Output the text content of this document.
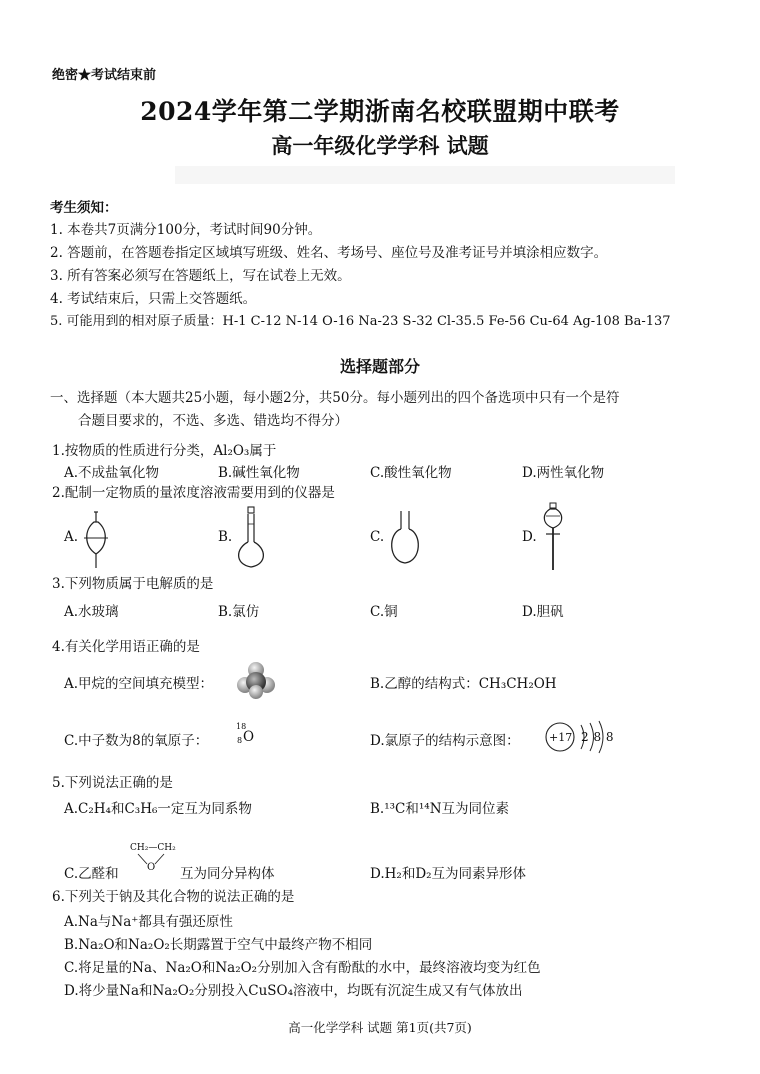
绝密★考试结束前
2024学年第二学期浙南名校联盟期中联考
高一年级化学学科 试题
考生须知：
1. 本卷共7页满分100分，考试时间90分钟。
2. 答题前，在答题卷指定区域填写班级、姓名、考场号、座位号及准考证号并填涂相应数字。
3. 所有答案必须写在答题纸上，写在试卷上无效。
4. 考试结束后，只需上交答题纸。
5. 可能用到的相对原子质量：H-1 C-12 N-14 O-16 Na-23 S-32 Cl-35.5 Fe-56 Cu-64 Ag-108 Ba-137
选择题部分
一、选择题（本大题共25小题，每小题2分，共50分。每小题列出的四个备选项中只有一个是符
合题目要求的，不选、多选、错选均不得分）
1.按物质的性质进行分类，Al₂O₃属于
A.不成盐氧化物	B.碱性氧化物	C.酸性氧化物	D.两性氧化物
2.配制一定物质的量浓度溶液需要用到的仪器是
A.	B.	C.	D.
3.下列物质属于电解质的是
A.水玻璃	B.氯仿	C.铜	D.胆矾
4.有关化学用语正确的是
A.甲烷的空间填充模型：	B.乙醇的结构式：CH₃CH₂OH
C.中子数为8的氧原子：
18
8 O	D.氯原子的结构示意图：	+17 2 8 8
5.下列说法正确的是
A.C₂H₄和C₃H₆一定互为同系物	B.¹³C和¹⁴N互为同位素
CH₂—CH₂
O
C.乙醛和	互为同分异构体	D.H₂和D₂互为同素异形体
6.下列关于钠及其化合物的说法正确的是
A.Na与Na⁺都具有强还原性
B.Na₂O和Na₂O₂长期露置于空气中最终产物不相同
C.将足量的Na、Na₂O和Na₂O₂分别加入含有酚酞的水中，最终溶液均变为红色
D.将少量Na和Na₂O₂分别投入CuSO₄溶液中，均既有沉淀生成又有气体放出
高一化学学科 试题 第1页(共7页)
